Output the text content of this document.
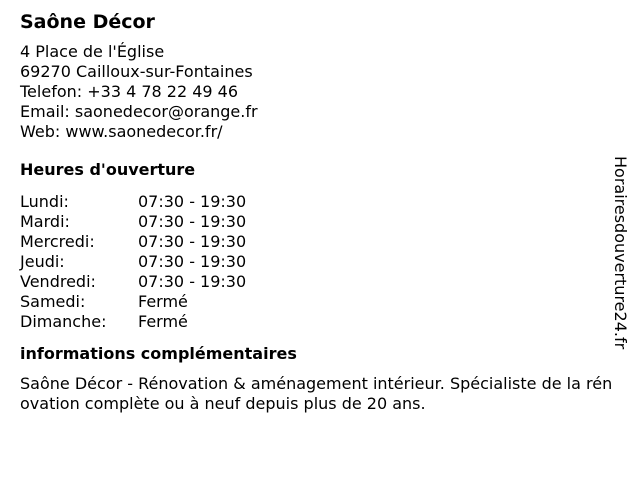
Saône Décor
4 Place de l'Église
69270 Cailloux-sur-Fontaines
Telefon: +33 4 78 22 49 46
Email: saonedecor@orange.fr
Web: www.saonedecor.fr/
Heures d'ouverture
Lundi:	07:30 - 19:30
Mardi:	07:30 - 19:30
Mercredi:	07:30 - 19:30
Jeudi:	07:30 - 19:30
Vendredi:	07:30 - 19:30
Samedi:	Fermé
Dimanche:	Fermé
informations complémentaires
Saône Décor - Rénovation & aménagement intérieur. Spécialiste de la rénovation complète ou à neuf depuis plus de 20 ans.
Horairesdouverture24.fr
